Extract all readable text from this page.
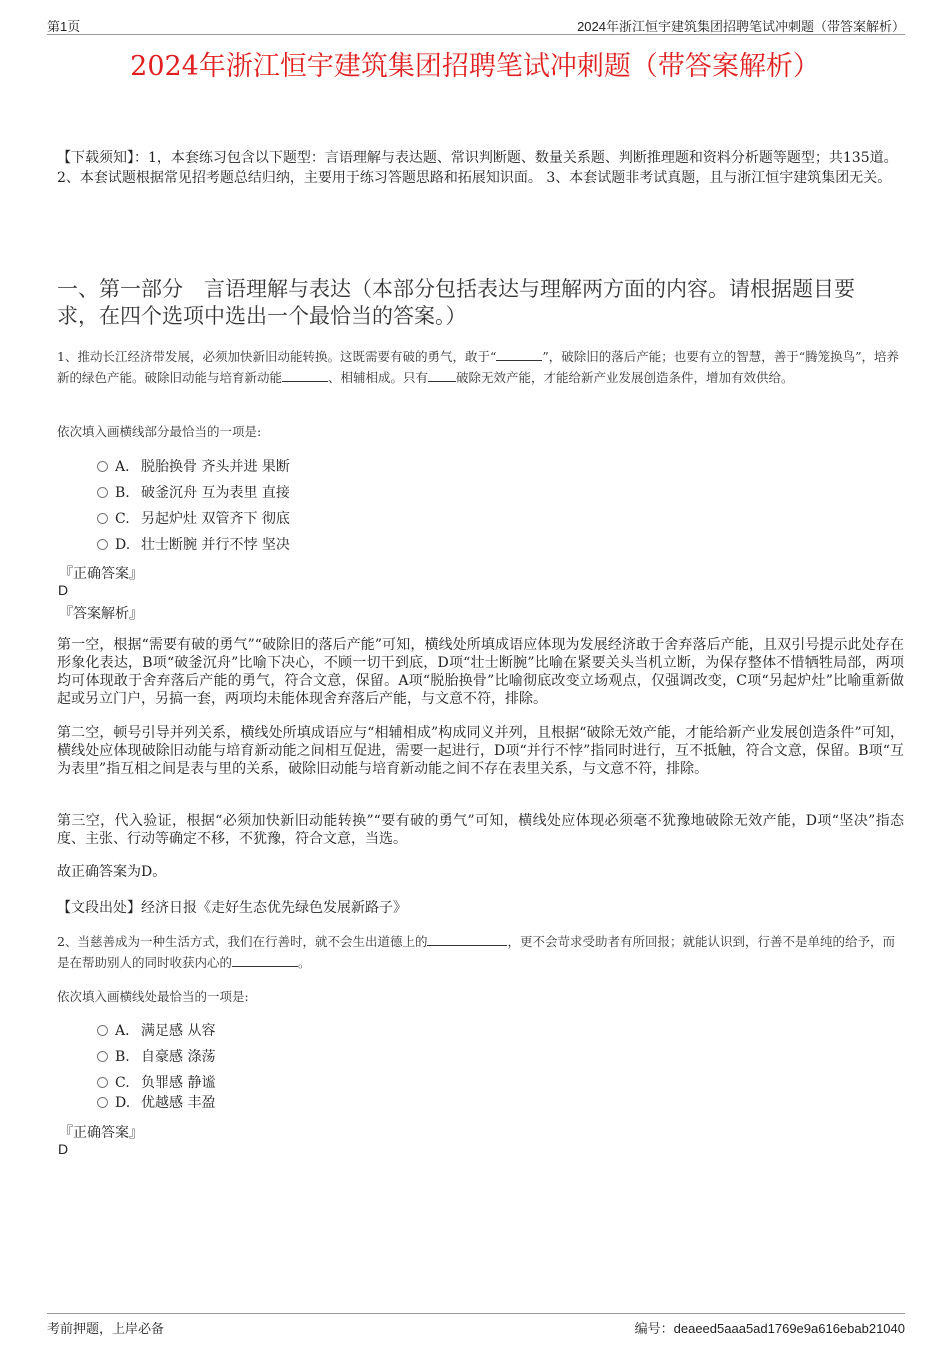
第1页	2024年浙江恒宇建筑集团招聘笔试冲刺题（带答案解析）
2024年浙江恒宇建筑集团招聘笔试冲刺题（带答案解析）
【下载须知】：1，本套练习包含以下题型：言语理解与表达题、常识判断题、数量关系题、判断推理题和资料分析题等题型；共135道。 2、本套试题根据常见招考题总结归纳，主要用于练习答题思路和拓展知识面。 3、本套试题非考试真题，且与浙江恒宇建筑集团无关。
一、第一部分　言语理解与表达（本部分包括表达与理解两方面的内容。请根据题目要求，在四个选项中选出一个最恰当的答案。）
1、推动长江经济带发展，必须加快新旧动能转换。这既需要有破的勇气，敢于“	”，破除旧的落后产能；也要有立的智慧，善于“腾笼换鸟”，培养新的绿色产能。破除旧动能与培育新动能	、相辅相成。只有 破除无效产能，才能给新产业发展创造条件，增加有效供给。
依次填入画横线部分最恰当的一项是:
A． 脱胎换骨 齐头并进 果断
B. 破釜沉舟 互为表里 直接
C. 另起炉灶 双管齐下 彻底
D. 壮士断腕 并行不悖 坚决
『正确答案』
D
『答案解析』
第一空，根据“需要有破的勇气”“破除旧的落后产能”可知，横线处所填成语应体现为发展经济敢于舍弃落后产能，且双引号提示此处存在形象化表达，B项“破釜沉舟”比喻下决心，不顾一切干到底，D项“壮士断腕”比喻在紧要关头当机立断，为保存整体不惜牺牲局部，两项均可体现敢于舍弃落后产能的勇气，符合文意，保留。A项“脱胎换骨”比喻彻底改变立场观点，仅强调改变，C项“另起炉灶”比喻重新做起或另立门户，另搞一套，两项均未能体现舍弃落后产能，与文意不符，排除。
第二空，顿号引导并列关系，横线处所填成语应与“相辅相成”构成同义并列，且根据“破除无效产能，才能给新产业发展创造条件”可知，横线处应体现破除旧动能与培育新动能之间相互促进，需要一起进行，D项“并行不悖”指同时进行，互不抵触，符合文意，保留。B项“互为表里”指互相之间是表与里的关系，破除旧动能与培育新动能之间不存在表里关系，与文意不符，排除。
第三空，代入验证，根据“必须加快新旧动能转换”“要有破的勇气”可知，横线处应体现必须毫不犹豫地破除无效产能，D项“坚决”指态度、主张、行动等确定不移，不犹豫，符合文意，当选。
故正确答案为D。
【文段出处】经济日报《走好生态优先绿色发展新路子》
2、当慈善成为一种生活方式，我们在行善时，就不会生出道德上的	，更不会苛求受助者有所回报；就能认识到，行善不是单纯的给予，而是在帮助别人的同时收获内心的	。
依次填入画横线处最恰当的一项是:
A． 满足感 从容
B. 自豪感 涤荡
C. 负罪感 静谧
D. 优越感 丰盈
『正确答案』
D
考前押题，上岸必备	编号：deaeed5aaa5ad1769e9a616ebab21040
